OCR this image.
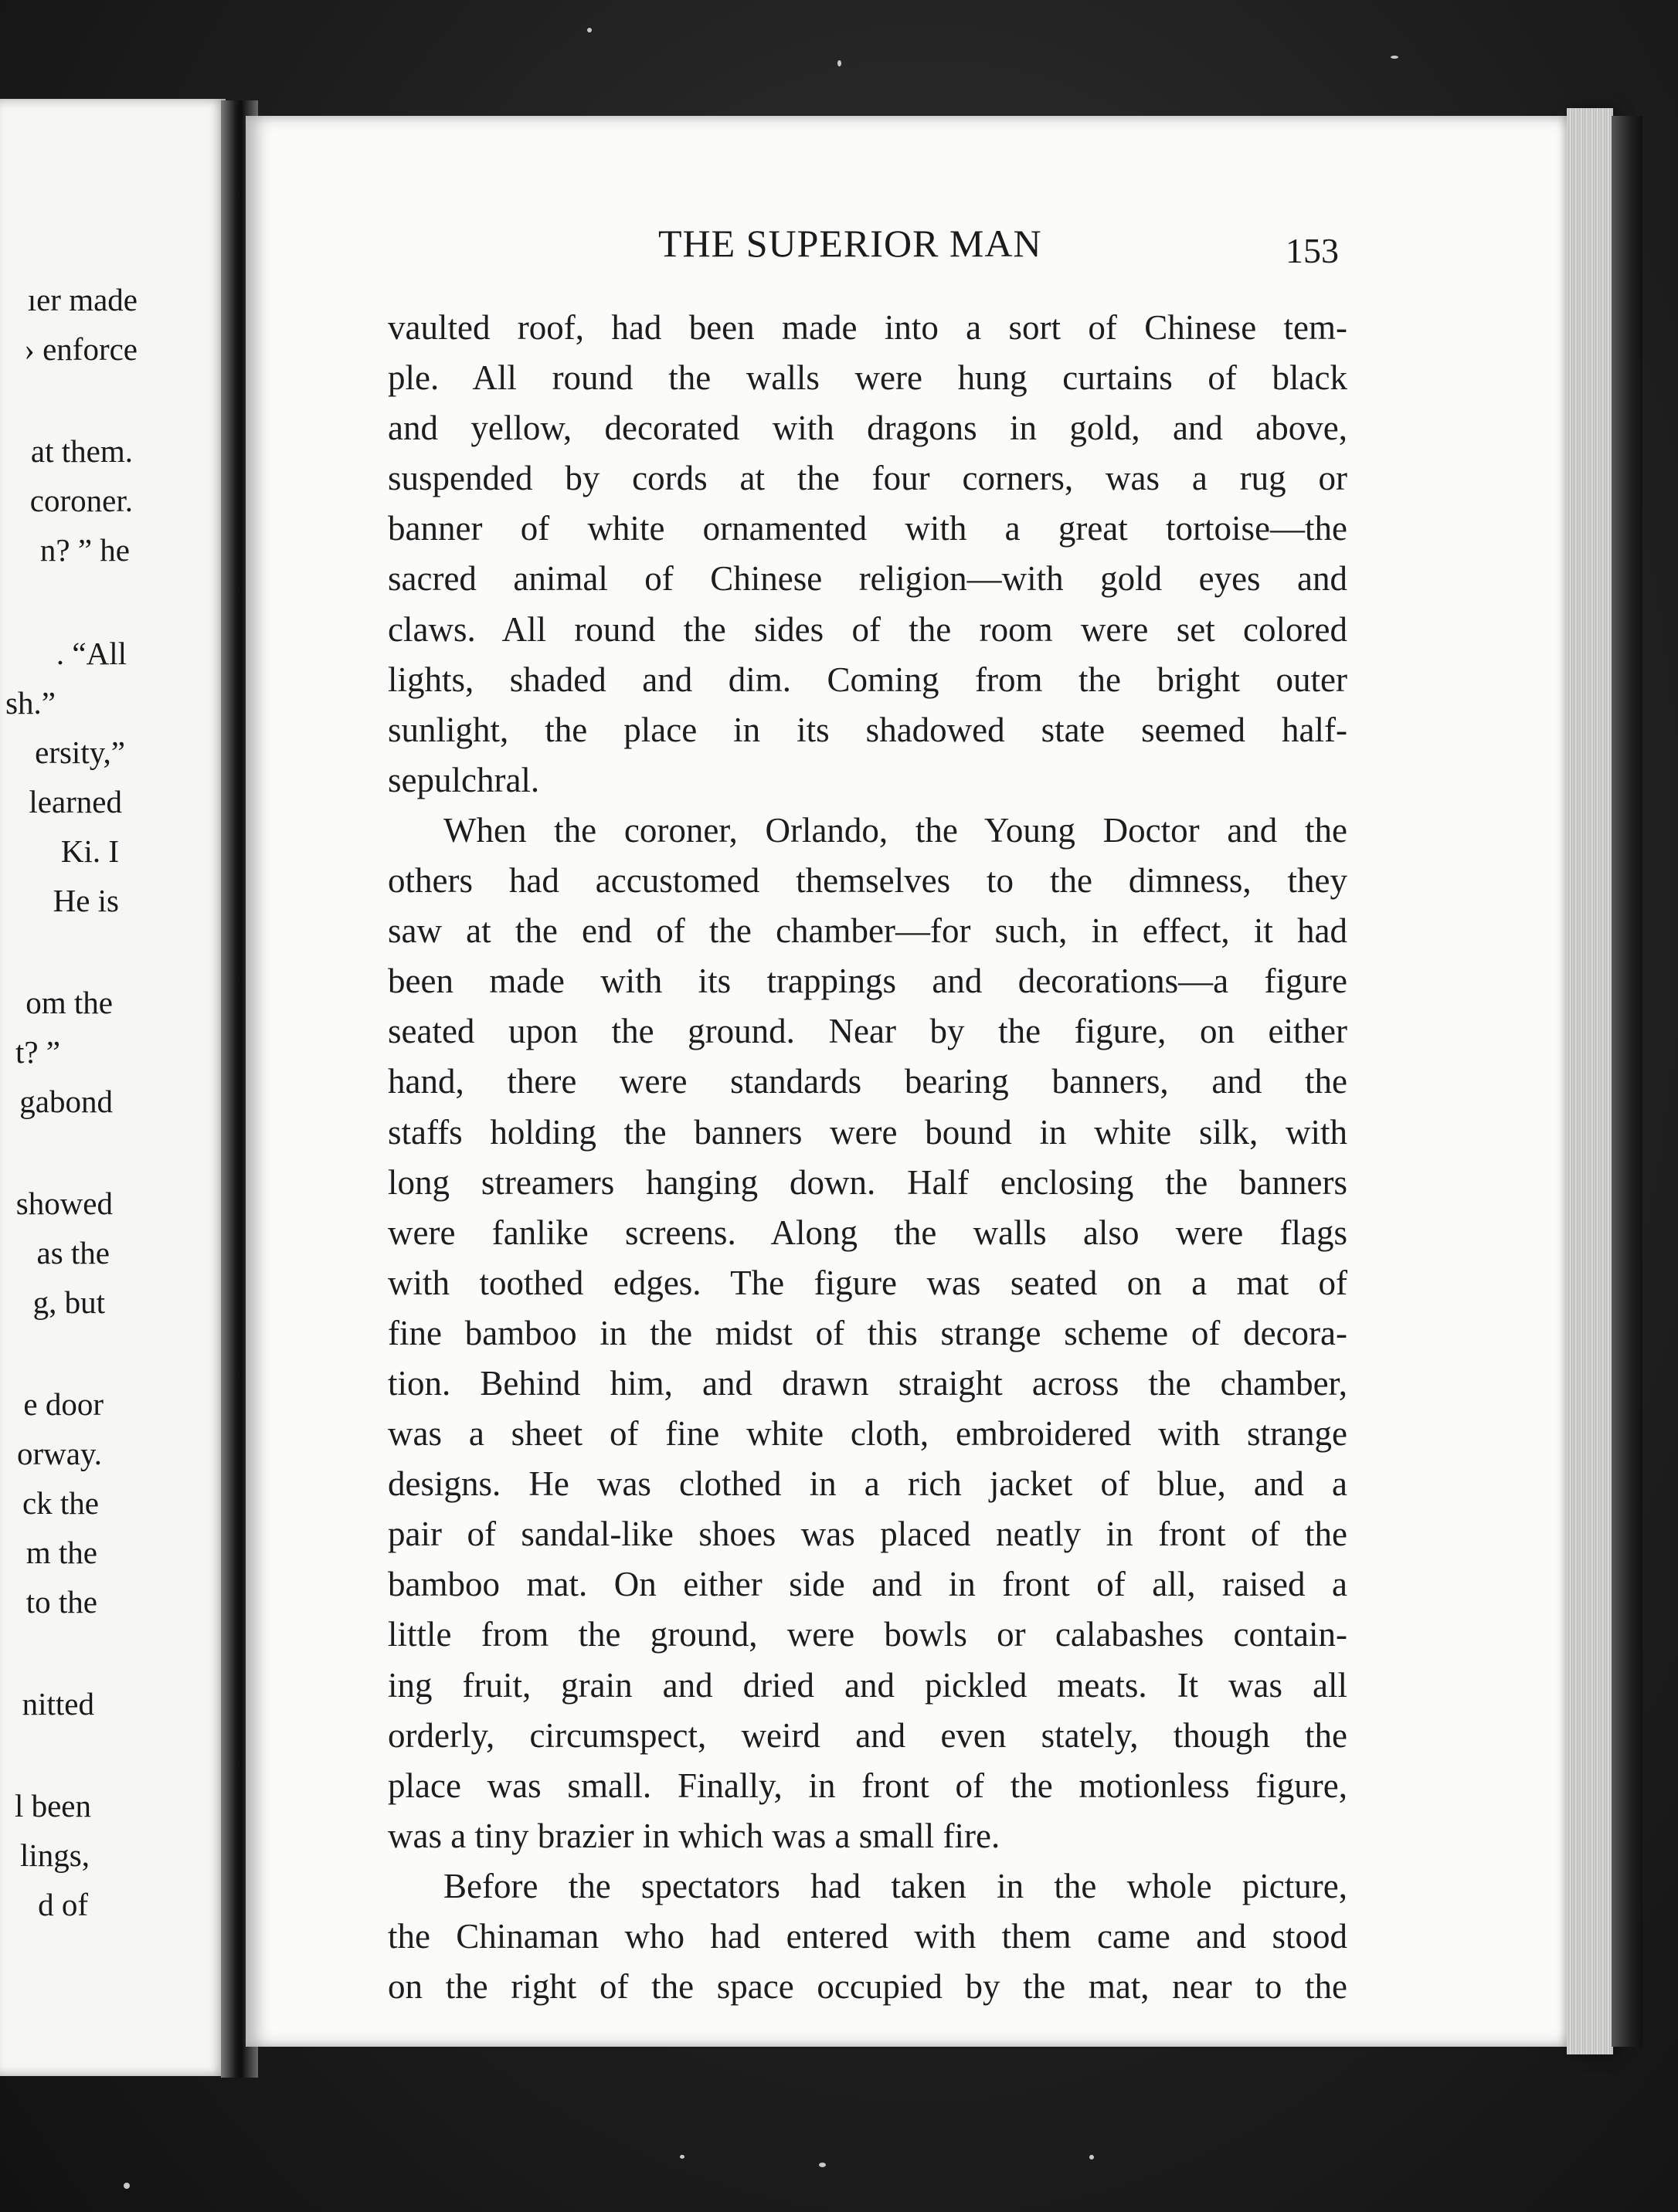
ıer made
› enforce
at them.
coroner.
n? ” he
. “All
sh.”
ersity,”
learned
Ki. I
He is
om the
t? ”
gabond
showed
as the
g, but
e door
orway.
ck the
m the
to the
nitted
l been
lings,
d of
THE SUPERIOR MAN	153
vaulted roof, had been made into a sort of Chinese tem-
ple. All round the walls were hung curtains of black
and yellow, decorated with dragons in gold, and above,
suspended by cords at the four corners, was a rug or
banner of white ornamented with a great tortoise—the
sacred animal of Chinese religion—with gold eyes and
claws. All round the sides of the room were set colored
lights, shaded and dim. Coming from the bright outer
sunlight, the place in its shadowed state seemed half-
sepulchral.
When the coroner, Orlando, the Young Doctor and the
others had accustomed themselves to the dimness, they
saw at the end of the chamber—for such, in effect, it had
been made with its trappings and decorations—a figure
seated upon the ground. Near by the figure, on either
hand, there were standards bearing banners, and the
staffs holding the banners were bound in white silk, with
long streamers hanging down. Half enclosing the banners
were fanlike screens. Along the walls also were flags
with toothed edges. The figure was seated on a mat of
fine bamboo in the midst of this strange scheme of decora-
tion. Behind him, and drawn straight across the chamber,
was a sheet of fine white cloth, embroidered with strange
designs. He was clothed in a rich jacket of blue, and a
pair of sandal-like shoes was placed neatly in front of the
bamboo mat. On either side and in front of all, raised a
little from the ground, were bowls or calabashes contain-
ing fruit, grain and dried and pickled meats. It was all
orderly, circumspect, weird and even stately, though the
place was small. Finally, in front of the motionless figure,
was a tiny brazier in which was a small fire.
Before the spectators had taken in the whole picture,
the Chinaman who had entered with them came and stood
on the right of the space occupied by the mat, near to the
